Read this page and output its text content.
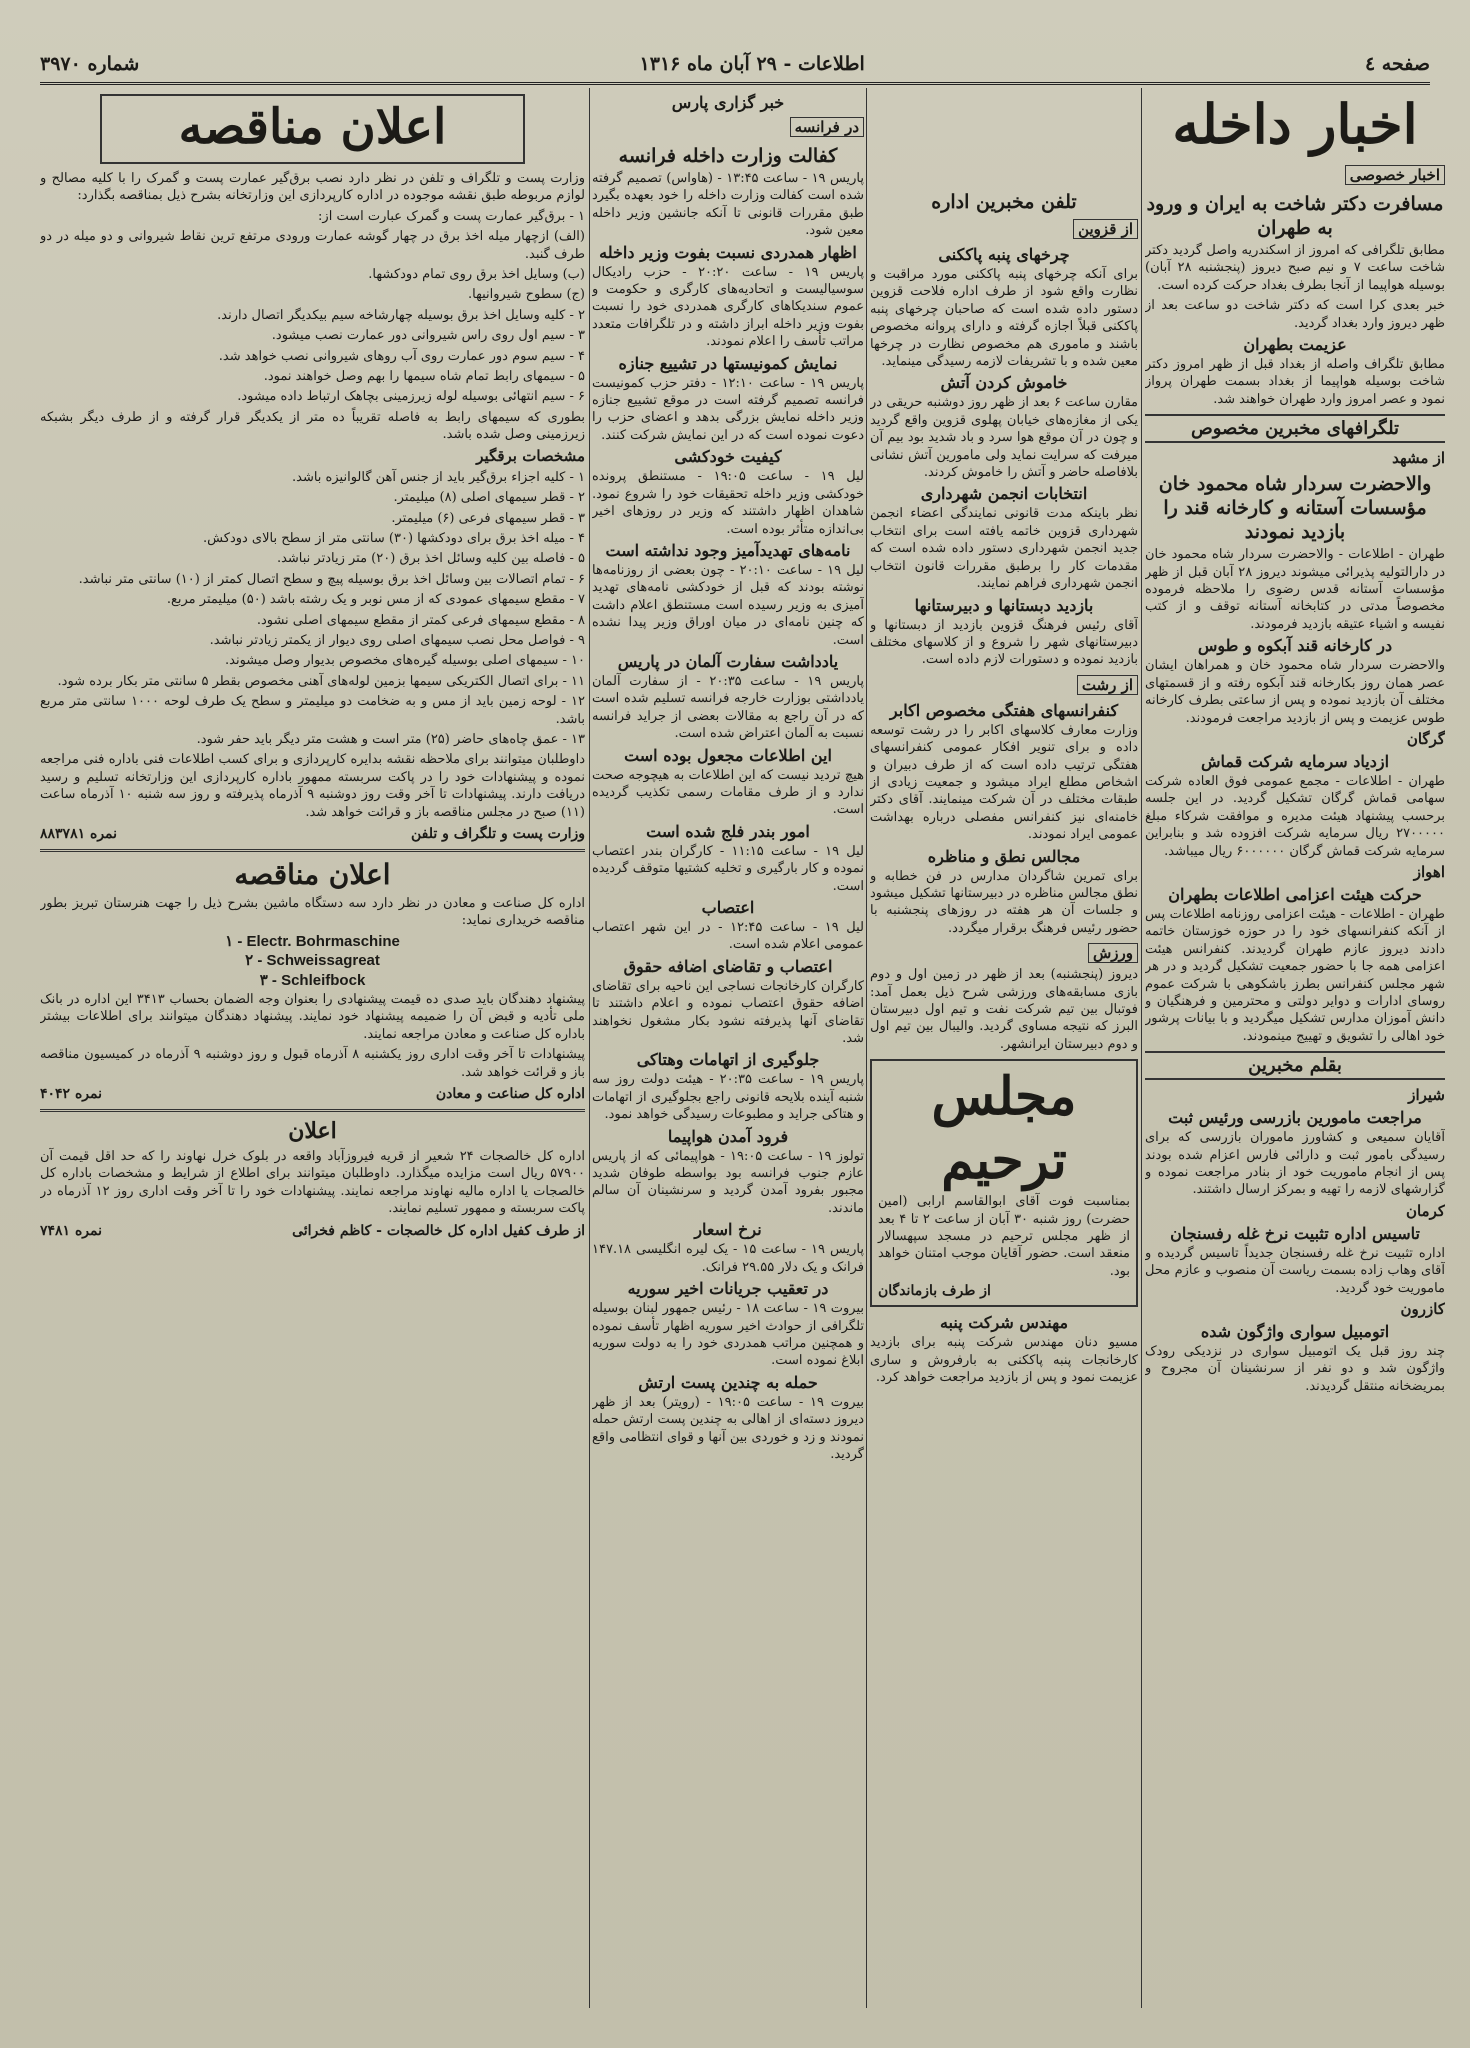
صفحه ٤
اطلاعات - ۲۹ آبان ماه ۱۳۱۶
شماره ۳۹۷۰
اخبار داخله
اخبار خصوصی
مسافرت دکتر شاخت به ایران و ورود به طهران

مطابق تلگرافی که امروز از اسکندریه واصل گردید دکتر شاخت ساعت ۷ و نیم صبح دیروز (پنجشنبه ۲۸ آبان) بوسیله هواپیما از آنجا بطرف بغداد حرکت کرده است.

خبر بعدی کرا است که دکتر شاخت دو ساعت بعد از ظهر دیروز وارد بغداد گردید.

عزیمت بطهران

مطابق تلگراف واصله از بغداد قبل از ظهر امروز دکتر شاخت بوسیله هواپیما از بغداد بسمت طهران پرواز نمود و عصر امروز وارد طهران خواهند شد.

تلگرافهای مخبرین مخصوص
از مشهد
والاحضرت سردار شاه محمود خان مؤسسات آستانه و کارخانه قند را بازدید نمودند

طهران - اطلاعات - والاحضرت سردار شاه محمود خان در دارالتولیه پذیرائی میشوند دیروز ۲۸ آبان قبل از ظهر مؤسسات آستانه قدس رضوی را ملاحظه فرموده مخصوصاً مدتی در کتابخانه آستانه توقف و از کتب نفیسه و اشیاء عتیقه بازدید فرمودند.

در کارخانه قند آبکوه و طوس

والاحضرت سردار شاه محمود خان و همراهان ایشان عصر همان روز بکارخانه قند آبکوه رفته و از قسمتهای مختلف آن بازدید نموده و پس از ساعتی بطرف کارخانه طوس عزیمت و پس از بازدید مراجعت فرمودند.

گرگان
ازدیاد سرمایه شرکت قماش

طهران - اطلاعات - مجمع عمومی فوق العاده شرکت سهامی قماش گرگان تشکیل گردید. در این جلسه برحسب پیشنهاد هیئت مدیره و موافقت شرکاء مبلغ ۲۷۰۰۰۰۰ ریال سرمایه شرکت افزوده شد و بنابراین سرمایه شرکت قماش گرگان ۶۰۰۰۰۰۰ ریال میباشد.

اهواز
حرکت هیئت اعزامی اطلاعات بطهران

طهران - اطلاعات - هیئت اعزامی روزنامه اطلاعات پس از آنکه کنفرانسهای خود را در حوزه خوزستان خاتمه دادند دیروز عازم طهران گردیدند. کنفرانس هیئت اعزامی همه جا با حضور جمعیت تشکیل گردید و در هر شهر مجلس کنفرانس بطرز باشکوهی با شرکت عموم روسای ادارات و دوایر دولتی و محترمین و فرهنگیان و دانش آموزان مدارس تشکیل میگردید و با بیانات پرشور خود اهالی را تشویق و تهییج مینمودند.

بقلم مخبرین
شیراز
مراجعت مامورین بازرسی ورئیس ثبت

آقایان سمیعی و کشاورز ماموران بازرسی که برای رسیدگی بامور ثبت و دارائی فارس اعزام شده بودند پس از انجام ماموریت خود از بنادر مراجعت نموده و گزارشهای لازمه را تهیه و بمرکز ارسال داشتند.

کرمان
تاسیس اداره تثبیت نرخ غله رفسنجان

اداره تثبیت نرخ غله رفسنجان جدیداً تاسیس گردیده و آقای وهاب زاده بسمت ریاست آن منصوب و عازم محل ماموریت خود گردید.

کازرون
اتومبیل سواری واژگون شده

چند روز قبل یک اتومبیل سواری در نزدیکی رودک واژگون شد و دو نفر از سرنشینان آن مجروح و بمریضخانه منتقل گردیدند.

تلفن مخبرین اداره
از قزوین
چرخهای پنبه پاککنی

برای آنکه چرخهای پنبه پاککنی مورد مراقبت و نظارت واقع شود از طرف اداره فلاحت قزوین دستور داده شده است که صاحبان چرخهای پنبه پاککنی قبلاً اجازه گرفته و دارای پروانه مخصوص باشند و ماموری هم مخصوص نظارت در چرخها معین شده و با تشریفات لازمه رسیدگی مینماید.

خاموش کردن آتش

مقارن ساعت ۶ بعد از ظهر روز دوشنبه حریقی در یکی از مغازه‌های خیابان پهلوی قزوین واقع گردید و چون در آن موقع هوا سرد و باد شدید بود بیم آن میرفت که سرایت نماید ولی مامورین آتش نشانی بلافاصله حاضر و آتش را خاموش کردند.

انتخابات انجمن شهرداری

نظر باینکه مدت قانونی نمایندگی اعضاء انجمن شهرداری قزوین خاتمه یافته است برای انتخاب جدید انجمن شهرداری دستور داده شده است که مقدمات کار را برطبق مقررات قانون انتخاب انجمن شهرداری فراهم نمایند.

بازدید دبستانها و دبیرستانها

آقای رئیس فرهنگ قزوین بازدید از دبستانها و دبیرستانهای شهر را شروع و از کلاسهای مختلف بازدید نموده و دستورات لازم داده است.

از رشت
کنفرانسهای هفتگی مخصوص اکابر

وزارت معارف کلاسهای اکابر را در رشت توسعه داده و برای تنویر افکار عمومی کنفرانسهای هفتگی ترتیب داده است که از طرف دبیران و اشخاص مطلع ایراد میشود و جمعیت زیادی از طبقات مختلف در آن شرکت مینمایند. آقای دکتر خامنه‌ای نیز کنفرانس مفصلی درباره بهداشت عمومی ایراد نمودند.

مجالس نطق و مناظره

برای تمرین شاگردان مدارس در فن خطابه و نطق مجالس مناظره در دبیرستانها تشکیل میشود و جلسات آن هر هفته در روزهای پنجشنبه با حضور رئیس فرهنگ برقرار میگردد.

ورزش

دیروز (پنجشنبه) بعد از ظهر در زمین اول و دوم بازی مسابقه‌های ورزشی شرح ذیل بعمل آمد: فوتبال بین تیم شرکت نفت و تیم اول دبیرستان البرز که نتیجه مساوی گردید. والیبال بین تیم اول و دوم دبیرستان ایرانشهر.

مجلس ترحیم

بمناسبت فوت آقای ابوالقاسم ارابی (امین حضرت) روز شنبه ۳۰ آبان از ساعت ۲ تا ۴ بعد از ظهر مجلس ترحیم در مسجد سپهسالار منعقد است. حضور آقایان موجب امتنان خواهد بود.

از طرف بازماندگان
مهندس شرکت پنبه

مسیو دنان مهندس شرکت پنبه برای بازدید کارخانجات پنبه پاککنی به بارفروش و ساری عزیمت نمود و پس از بازدید مراجعت خواهد کرد.

خبر گزاری پارس
در فرانسه
کفالت وزارت داخله فرانسه

پاریس ۱۹ - ساعت ۱۳:۴۵ - (هاواس) تصمیم گرفته شده است کفالت وزارت داخله را خود بعهده بگیرد طبق مقررات قانونی تا آنکه جانشین وزیر داخله معین شود.

اظهار همدردی نسبت بفوت وزیر داخله

پاریس ۱۹ - ساعت ۲۰:۲۰ - حزب رادیکال سوسیالیست و اتحادیه‌های کارگری و حکومت و عموم سندیکاهای کارگری همدردی خود را نسبت بفوت وزیر داخله ابراز داشته و در تلگرافات متعدد مراتب تأسف را اعلام نمودند.

نمایش کمونیستها در تشییع جنازه

پاریس ۱۹ - ساعت ۱۲:۱۰ - دفتر حزب کمونیست فرانسه تصمیم گرفته است در موقع تشییع جنازه وزیر داخله نمایش بزرگی بدهد و اعضای حزب را دعوت نموده است که در این نمایش شرکت کنند.

کیفیت خودکشی

لیل ۱۹ - ساعت ۱۹:۰۵ - مستنطق پرونده خودکشی وزیر داخله تحقیقات خود را شروع نمود. شاهدان اظهار داشتند که وزیر در روزهای اخیر بی‌اندازه متأثر بوده است.

نامه‌های تهدیدآمیز وجود نداشته است

لیل ۱۹ - ساعت ۲۰:۱۰ - چون بعضی از روزنامه‌ها نوشته بودند که قبل از خودکشی نامه‌های تهدید آمیزی به وزیر رسیده است مستنطق اعلام داشت که چنین نامه‌ای در میان اوراق وزیر پیدا نشده است.

یادداشت سفارت آلمان در پاریس

پاریس ۱۹ - ساعت ۲۰:۳۵ - از سفارت آلمان یادداشتی بوزارت خارجه فرانسه تسلیم شده است که در آن راجع به مقالات بعضی از جراید فرانسه نسبت به آلمان اعتراض شده است.

این اطلاعات مجعول بوده است

هیچ تردید نیست که این اطلاعات به هیچوجه صحت ندارد و از طرف مقامات رسمی تکذیب گردیده است.

امور بندر فلج شده است

لیل ۱۹ - ساعت ۱۱:۱۵ - کارگران بندر اعتصاب نموده و کار بارگیری و تخلیه کشتیها متوقف گردیده است.

اعتصاب

لیل ۱۹ - ساعت ۱۲:۴۵ - در این شهر اعتصاب عمومی اعلام شده است.

اعتصاب و تقاضای اضافه حقوق

کارگران کارخانجات نساجی این ناحیه برای تقاضای اضافه حقوق اعتصاب نموده و اعلام داشتند تا تقاضای آنها پذیرفته نشود بکار مشغول نخواهند شد.

جلوگیری از اتهامات وهتاکی

پاریس ۱۹ - ساعت ۲۰:۳۵ - هیئت دولت روز سه شنبه آینده بلایحه قانونی راجع بجلوگیری از اتهامات و هتاکی جراید و مطبوعات رسیدگی خواهد نمود.

فرود آمدن هواپیما

تولوز ۱۹ - ساعت ۱۹:۰۵ - هواپیمائی که از پاریس عازم جنوب فرانسه بود بواسطه طوفان شدید مجبور بفرود آمدن گردید و سرنشینان آن سالم ماندند.

نرخ اسعار

پاریس ۱۹ - ساعت ۱۵ - یک لیره انگلیسی ۱۴۷.۱۸ فرانک و یک دلار ۲۹.۵۵ فرانک.

در تعقیب جریانات اخیر سوریه

بیروت ۱۹ - ساعت ۱۸ - رئیس جمهور لبنان بوسیله تلگرافی از حوادث اخیر سوریه اظهار تأسف نموده و همچنین مراتب همدردی خود را به دولت سوریه ابلاغ نموده است.

حمله به چندین پست ارتش

بیروت ۱۹ - ساعت ۱۹:۰۵ - (رویتر) بعد از ظهر دیروز دسته‌ای از اهالی به چندین پست ارتش حمله نمودند و زد و خوردی بین آنها و قوای انتظامی واقع گردید.

اعلان مناقصه

وزارت پست و تلگراف و تلفن در نظر دارد نصب برق‌گیر عمارت پست و گمرک را با کلیه مصالح و لوازم مربوطه طبق نقشه موجوده در اداره کارپردازی این وزارتخانه بشرح ذیل بمناقصه بگذارد:

۱ - برق‌گیر عمارت پست و گمرک عبارت است از:

(الف) ازچهار میله اخذ برق در چهار گوشه عمارت ورودی مرتفع ترین نقاط شیروانی و دو میله در دو طرف گنبد.

(ب) وسایل اخذ برق روی تمام دودکشها.

(ج) سطوح شیروانیها.

۲ - کلیه وسایل اخذ برق بوسیله چهارشاخه سیم بیکدیگر اتصال دارند.

۳ - سیم اول روی راس شیروانی دور عمارت نصب میشود.

۴ - سیم سوم دور عمارت روی آب روهای شیروانی نصب خواهد شد.

۵ - سیمهای رابط تمام شاه سیمها را بهم وصل خواهند نمود.

۶ - سیم انتهائی بوسیله لوله زیرزمینی بچاهک ارتباط داده میشود.

بطوری که سیمهای رابط به فاصله تقریباً ده متر از یکدیگر قرار گرفته و از طرف دیگر بشبکه زیرزمینی وصل شده باشد.

مشخصات برقگیر

۱ - کلیه اجزاء برق‌گیر باید از جنس آهن گالوانیزه باشد.

۲ - قطر سیمهای اصلی (۸) میلیمتر.

۳ - قطر سیمهای فرعی (۶) میلیمتر.

۴ - میله اخذ برق برای دودکشها (۳۰) سانتی متر از سطح بالای دودکش.

۵ - فاصله بین کلیه وسائل اخذ برق (۲۰) متر زیادتر نباشد.

۶ - تمام اتصالات بین وسائل اخذ برق بوسیله پیچ و سطح اتصال کمتر از (۱۰) سانتی متر نباشد.

۷ - مقطع سیمهای عمودی که از مس نوبر و یک رشته باشد (۵۰) میلیمتر مربع.

۸ - مقطع سیمهای فرعی کمتر از مقطع سیمهای اصلی نشود.

۹ - فواصل محل نصب سیمهای اصلی روی دیوار از یکمتر زیادتر نباشد.

۱۰ - سیمهای اصلی بوسیله گیره‌های مخصوص بدیوار وصل میشوند.

۱۱ - برای اتصال الکتریکی سیمها بزمین لوله‌های آهنی مخصوص بقطر ۵ سانتی متر بکار برده شود.

۱۲ - لوحه زمین باید از مس و به ضخامت دو میلیمتر و سطح یک طرف لوحه ۱۰۰۰ سانتی متر مربع باشد.

۱۳ - عمق چاه‌های حاضر (۲۵) متر است و هشت متر دیگر باید حفر شود.

داوطلبان میتوانند برای ملاحظه نقشه بدایره کارپردازی و برای کسب اطلاعات فنی باداره فنی مراجعه نموده و پیشنهادات خود را در پاکت سربسته ممهور باداره کارپردازی این وزارتخانه تسلیم و رسید دریافت دارند. پیشنهادات تا آخر وقت روز دوشنبه ۹ آذرماه پذیرفته و روز سه شنبه ۱۰ آذرماه ساعت (۱۱) صبح در مجلس مناقصه باز و قرائت خواهد شد.

وزارت پست و تلگراف و تلفن
نمره ۸۸۳۷۸۱
اعلان مناقصه

اداره کل صناعت و معادن در نظر دارد سه دستگاه ماشین بشرح ذیل را جهت هنرستان تبریز بطور مناقصه خریداری نماید:

۱ - Electr. Bohrmaschine

۲ - Schweissagreat

۳ - Schleifbock

پیشنهاد دهندگان باید صدی ده قیمت پیشنهادی را بعنوان وجه الضمان بحساب ۳۴۱۳ این اداره در بانک ملی تأدیه و قبض آن را ضمیمه پیشنهاد خود نمایند. پیشنهاد دهندگان میتوانند برای اطلاعات بیشتر باداره کل صناعت و معادن مراجعه نمایند.

پیشنهادات تا آخر وقت اداری روز یکشنبه ۸ آذرماه قبول و روز دوشنبه ۹ آذرماه در کمیسیون مناقصه باز و قرائت خواهد شد.

اداره کل صناعت و معادن
نمره ۴۰۴۲
اعلان

اداره کل خالصجات ۲۴ شعیر از قریه فیروزآباد واقعه در بلوک خرل نهاوند را که حد اقل قیمت آن ۵۷۹۰۰ ریال است مزایده میگذارد. داوطلبان میتوانند برای اطلاع از شرایط و مشخصات باداره کل خالصجات یا اداره مالیه نهاوند مراجعه نمایند. پیشنهادات خود را تا آخر وقت اداری روز ۱۲ آذرماه در پاکت سربسته و ممهور تسلیم نمایند.

از طرف کفیل اداره کل خالصجات - کاظم فخرائی
نمره ۷۴۸۱
